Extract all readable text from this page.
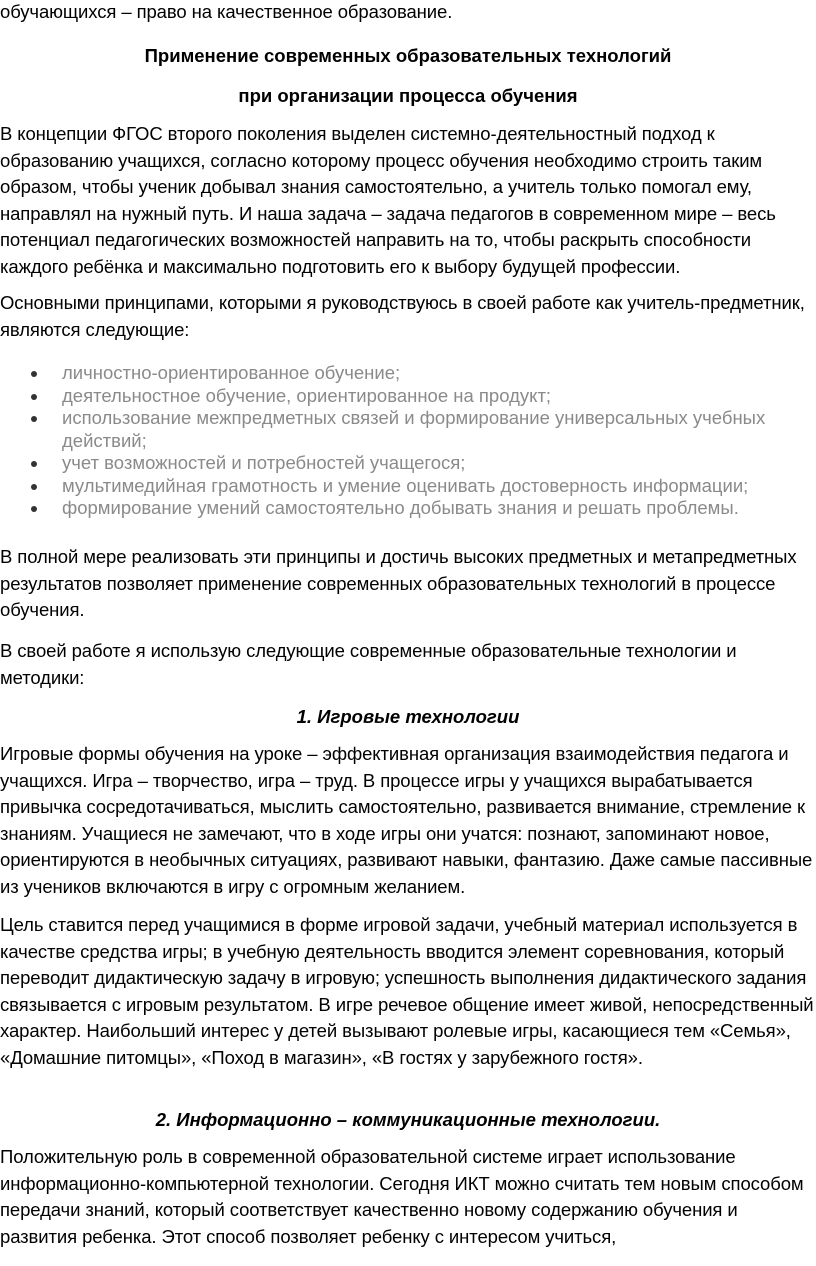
обучающихся – право на качественное образование.

Применение современных образовательных технологий

при организации процесса обучения

В концепции ФГОС второго поколения выделен системно-деятельностный подход к образованию учащихся, согласно которому процесс обучения необходимо строить таким образом, чтобы ученик добывал знания самостоятельно, а учитель только помогал ему, направлял на нужный путь. И наша задача – задача педагогов в современном мире – весь потенциал педагогических возможностей направить на то, чтобы раскрыть способности каждого ребёнка и максимально подготовить его к выбору будущей профессии.

Основными принципами, которыми я руководствуюсь в своей работе как учитель-предметник, являются следующие:

личностно-ориентированное обучение;
деятельностное обучение, ориентированное на продукт;
использование межпредметных связей и формирование универсальных учебных действий;
учет возможностей и потребностей учащегося;
мультимедийная грамотность и умение оценивать достоверность информации;
формирование умений самостоятельно добывать знания и решать проблемы.

В полной мере реализовать эти принципы и достичь высоких предметных и метапредметных результатов позволяет применение современных образовательных технологий в процессе обучения.

В своей работе я использую следующие современные образовательные технологии и методики:

1. Игровые технологии

Игровые формы обучения на уроке – эффективная организация взаимодействия педагога и учащихся. Игра – творчество, игра – труд. В процессе игры у учащихся вырабатывается привычка сосредотачиваться, мыслить самостоятельно, развивается внимание, стремление к знаниям. Учащиеся не замечают, что в ходе игры они учатся: познают, запоминают новое, ориентируются в необычных ситуациях, развивают навыки, фантазию. Даже самые пассивные из учеников включаются в игру с огромным желанием.

Цель ставится перед учащимися в форме игровой задачи, учебный материал используется в качестве средства игры; в учебную деятельность вводится элемент соревнования, который переводит дидактическую задачу в игровую; успешность выполнения дидактического задания связывается с игровым результатом. В игре речевое общение имеет живой, непосредственный характер. Наибольший интерес у детей вызывают ролевые игры, касающиеся тем «Семья», «Домашние питомцы», «Поход в магазин», «В гостях у зарубежного гостя».

2. Информационно – коммуникационные технологии.

Положительную роль в современной образовательной системе играет использование информационно-компьютерной технологии. Сегодня ИКТ можно считать тем новым способом передачи знаний, который соответствует качественно новому содержанию обучения и развития ребенка. Этот способ позволяет ребенку с интересом учиться,
